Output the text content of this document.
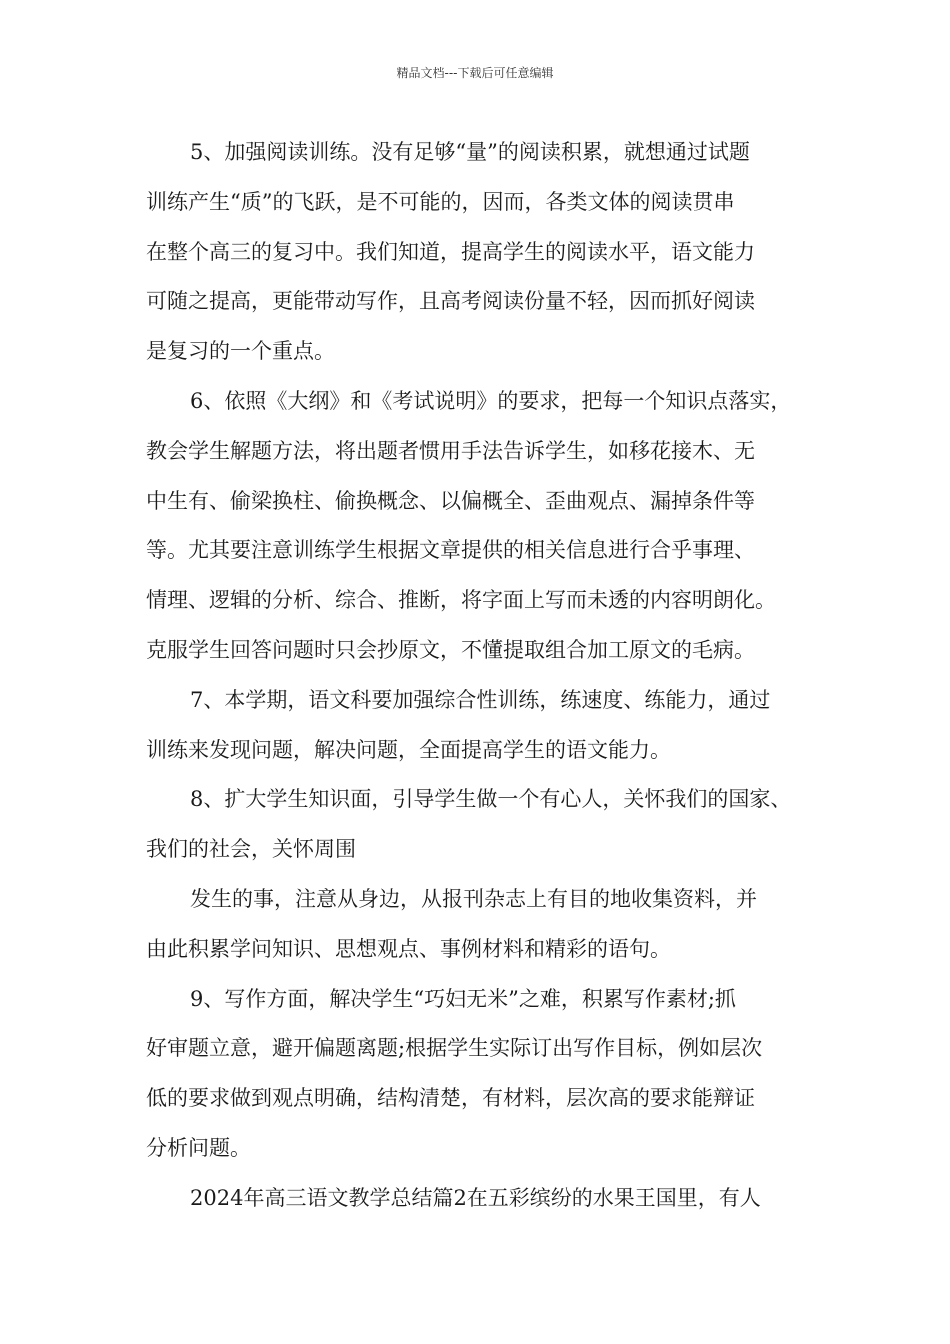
精品文档---下载后可任意编辑
5、加强阅读训练。没有足够“量”的阅读积累，就想通过试题
训练产生“质”的飞跃，是不可能的，因而，各类文体的阅读贯串
在整个高三的复习中。我们知道，提高学生的阅读水平，语文能力
可随之提高，更能带动写作，且高考阅读份量不轻，因而抓好阅读
是复习的一个重点。
6、依照《大纲》和《考试说明》的要求，把每一个知识点落实，
教会学生解题方法，将出题者惯用手法告诉学生，如移花接木、无
中生有、偷梁换柱、偷换概念、以偏概全、歪曲观点、漏掉条件等
等。尤其要注意训练学生根据文章提供的相关信息进行合乎事理、
情理、逻辑的分析、综合、推断，将字面上写而未透的内容明朗化。
克服学生回答问题时只会抄原文，不懂提取组合加工原文的毛病。
7、本学期，语文科要加强综合性训练，练速度、练能力，通过
训练来发现问题，解决问题，全面提高学生的语文能力。
8、扩大学生知识面，引导学生做一个有心人，关怀我们的国家、
我们的社会，关怀周围
发生的事，注意从身边，从报刊杂志上有目的地收集资料，并
由此积累学问知识、思想观点、事例材料和精彩的语句。
9、写作方面，解决学生“巧妇无米”之难，积累写作素材;抓
好审题立意，避开偏题离题;根据学生实际订出写作目标，例如层次
低的要求做到观点明确，结构清楚，有材料，层次高的要求能辩证
分析问题。
2024年高三语文教学总结篇2在五彩缤纷的水果王国里，有人
